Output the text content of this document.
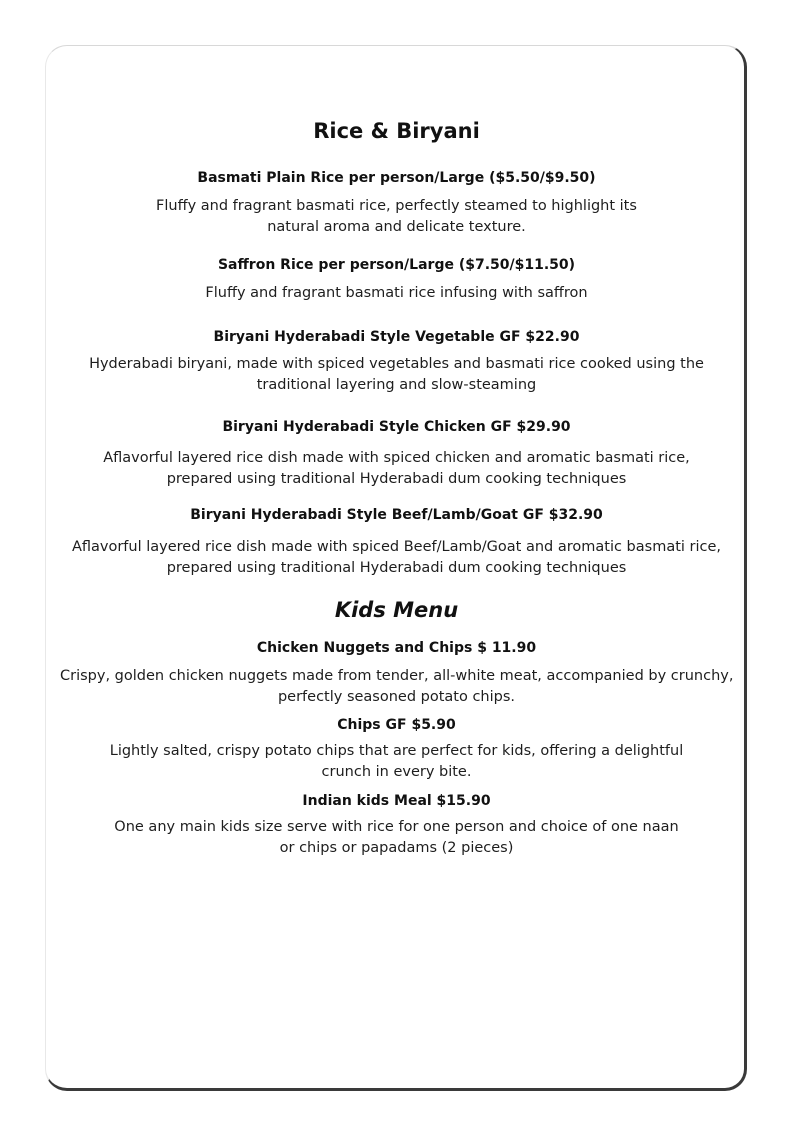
Rice & Biryani
Basmati Plain Rice per person/Large ($5.50/$9.50)

Fluffy and fragrant basmati rice, perfectly steamed to highlight its
natural aroma and delicate texture.

Saffron Rice per person/Large ($7.50/$11.50)

Fluffy and fragrant basmati rice infusing with saffron

Biryani Hyderabadi Style Vegetable GF $22.90

Hyderabadi biryani, made with spiced vegetables and basmati rice cooked using the
traditional layering and slow-steaming

Biryani Hyderabadi Style Chicken GF $29.90

Aflavorful layered rice dish made with spiced chicken and aromatic basmati rice,
prepared using traditional Hyderabadi dum cooking techniques

Biryani Hyderabadi Style Beef/Lamb/Goat GF $32.90

Aflavorful layered rice dish made with spiced Beef/Lamb/Goat and aromatic basmati rice,
prepared using traditional Hyderabadi dum cooking techniques

Kids Menu
Chicken Nuggets and Chips $ 11.90

Crispy, golden chicken nuggets made from tender, all-white meat, accompanied by crunchy,
perfectly seasoned potato chips.

Chips GF $5.90

Lightly salted, crispy potato chips that are perfect for kids, offering a delightful
crunch in every bite.

Indian kids Meal $15.90

One any main kids size serve with rice for one person and choice of one naan
or chips or papadams (2 pieces)
